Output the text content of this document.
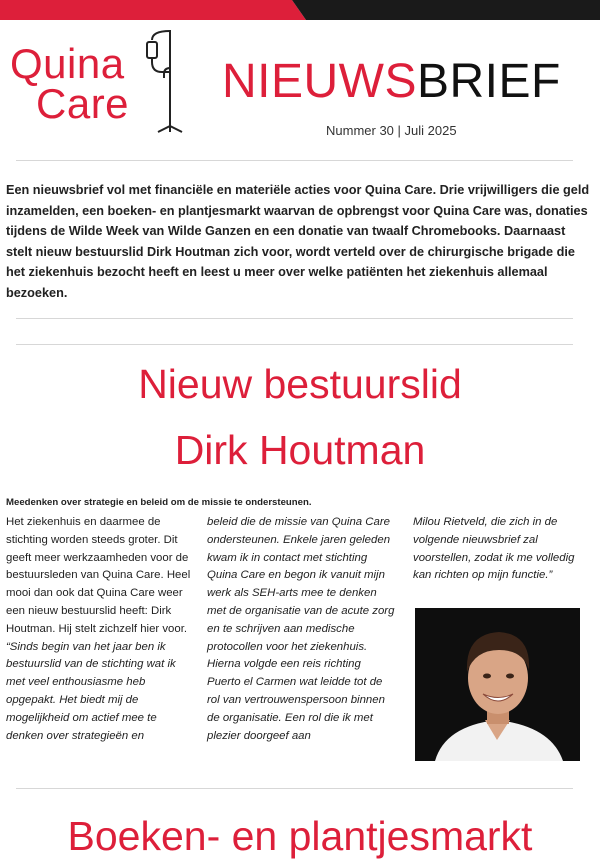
Quina
Care NIEUWSBRIEF
Nummer 30 | Juli 2025
Een nieuwsbrief vol met financiële en materiële acties voor Quina Care. Drie vrijwilligers die geld inzamelden, een boeken- en plantjesmarkt waarvan de opbrengst voor Quina Care was, donaties tijdens de Wilde Week van Wilde Ganzen en een donatie van twaalf Chromebooks. Daarnaast stelt nieuw bestuurslid Dirk Houtman zich voor, wordt verteld over de chirurgische brigade die het ziekenhuis bezocht heeft en leest u meer over welke patiënten het ziekenhuis allemaal bezoeken.
Nieuw bestuurslid
Dirk Houtman
Meedenken over strategie en beleid om de missie te ondersteunen.

Het ziekenhuis en daarmee de stichting worden steeds groter. Dit geeft meer werkzaamheden voor de bestuursleden van Quina Care. Heel mooi dan ook dat Quina Care weer een nieuw bestuurslid heeft: Dirk Houtman. Hij stelt zichzelf hier voor.

“Sinds begin van het jaar ben ik bestuurslid van de stichting wat ik met veel enthousiasme heb opgepakt. Het biedt mij de mogelijkheid om actief mee te denken over strategieën en

beleid die de missie van Quina Care ondersteunen. Enkele jaren geleden kwam ik in contact met stichting Quina Care en begon ik vanuit mijn werk als SEH-arts mee te denken met de organisatie van de acute zorg en te schrijven aan medische protocollen voor het ziekenhuis. Hierna volgde een reis richting Puerto el Carmen wat leidde tot de rol van vertrouwenspersoon binnen de organisatie. Een rol die ik met plezier doorgeef aan

Milou Rietveld, die zich in de volgende nieuwsbrief zal voorstellen, zodat ik me volledig kan richten op mijn functie.”

Boeken- en plantjesmarkt
